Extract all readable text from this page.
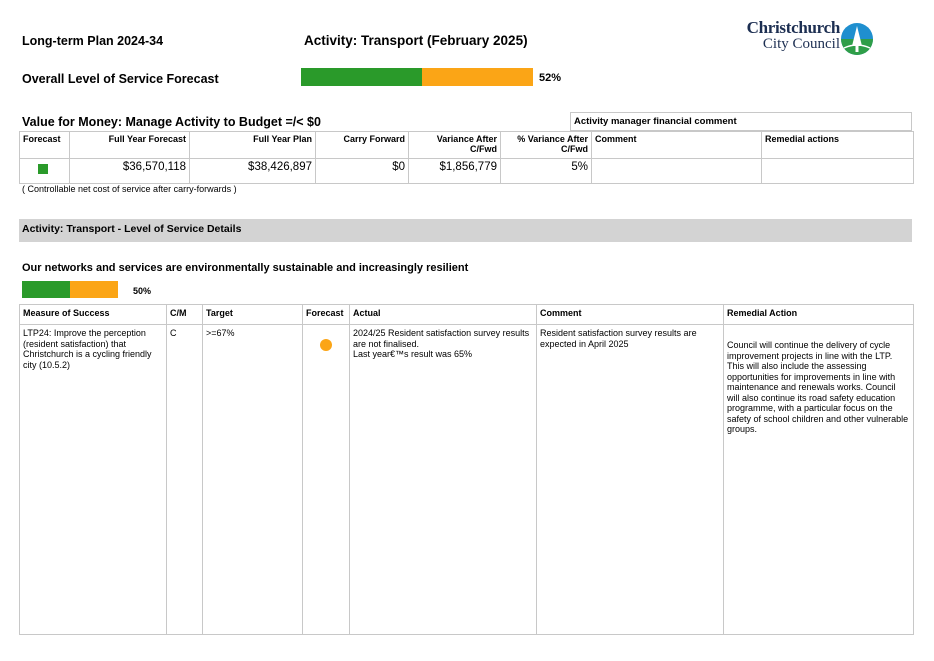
Long-term Plan 2024-34	Activity: Transport (February 2025)
Christchurch
City Council
Overall Level of Service Forecast	52%
Value for Money: Manage Activity to Budget =/< $0	Activity manager financial comment
Forecast	Full Year Forecast	Full Year Plan	Carry Forward	Variance After C/Fwd	% Variance After C/Fwd	Comment	Remedial actions
	$36,570,118	$38,426,897	$0	$1,856,779	5%		
( Controllable net cost of service after carry-forwards )
Activity: Transport - Level of Service Details
Our networks and services are environmentally sustainable and increasingly resilient
50%
Measure of Success	C/M	Target	Forecast	Actual	Comment	Remedial Action
LTP24: Improve the perception (resident satisfaction) that Christchurch is a cycling friendly city (10.5.2)	C	>=67%		2024/25 Resident satisfaction survey results are not finalised.
Last year€™s result was 65%	Resident satisfaction survey results are expected in April 2025	Council will continue the delivery of cycle improvement projects in line with the LTP. This will also include the assessing opportunities for improvements in line with maintenance and renewals works. Council will also continue its road safety education programme, with a particular focus on the safety of school children and other vulnerable groups.
